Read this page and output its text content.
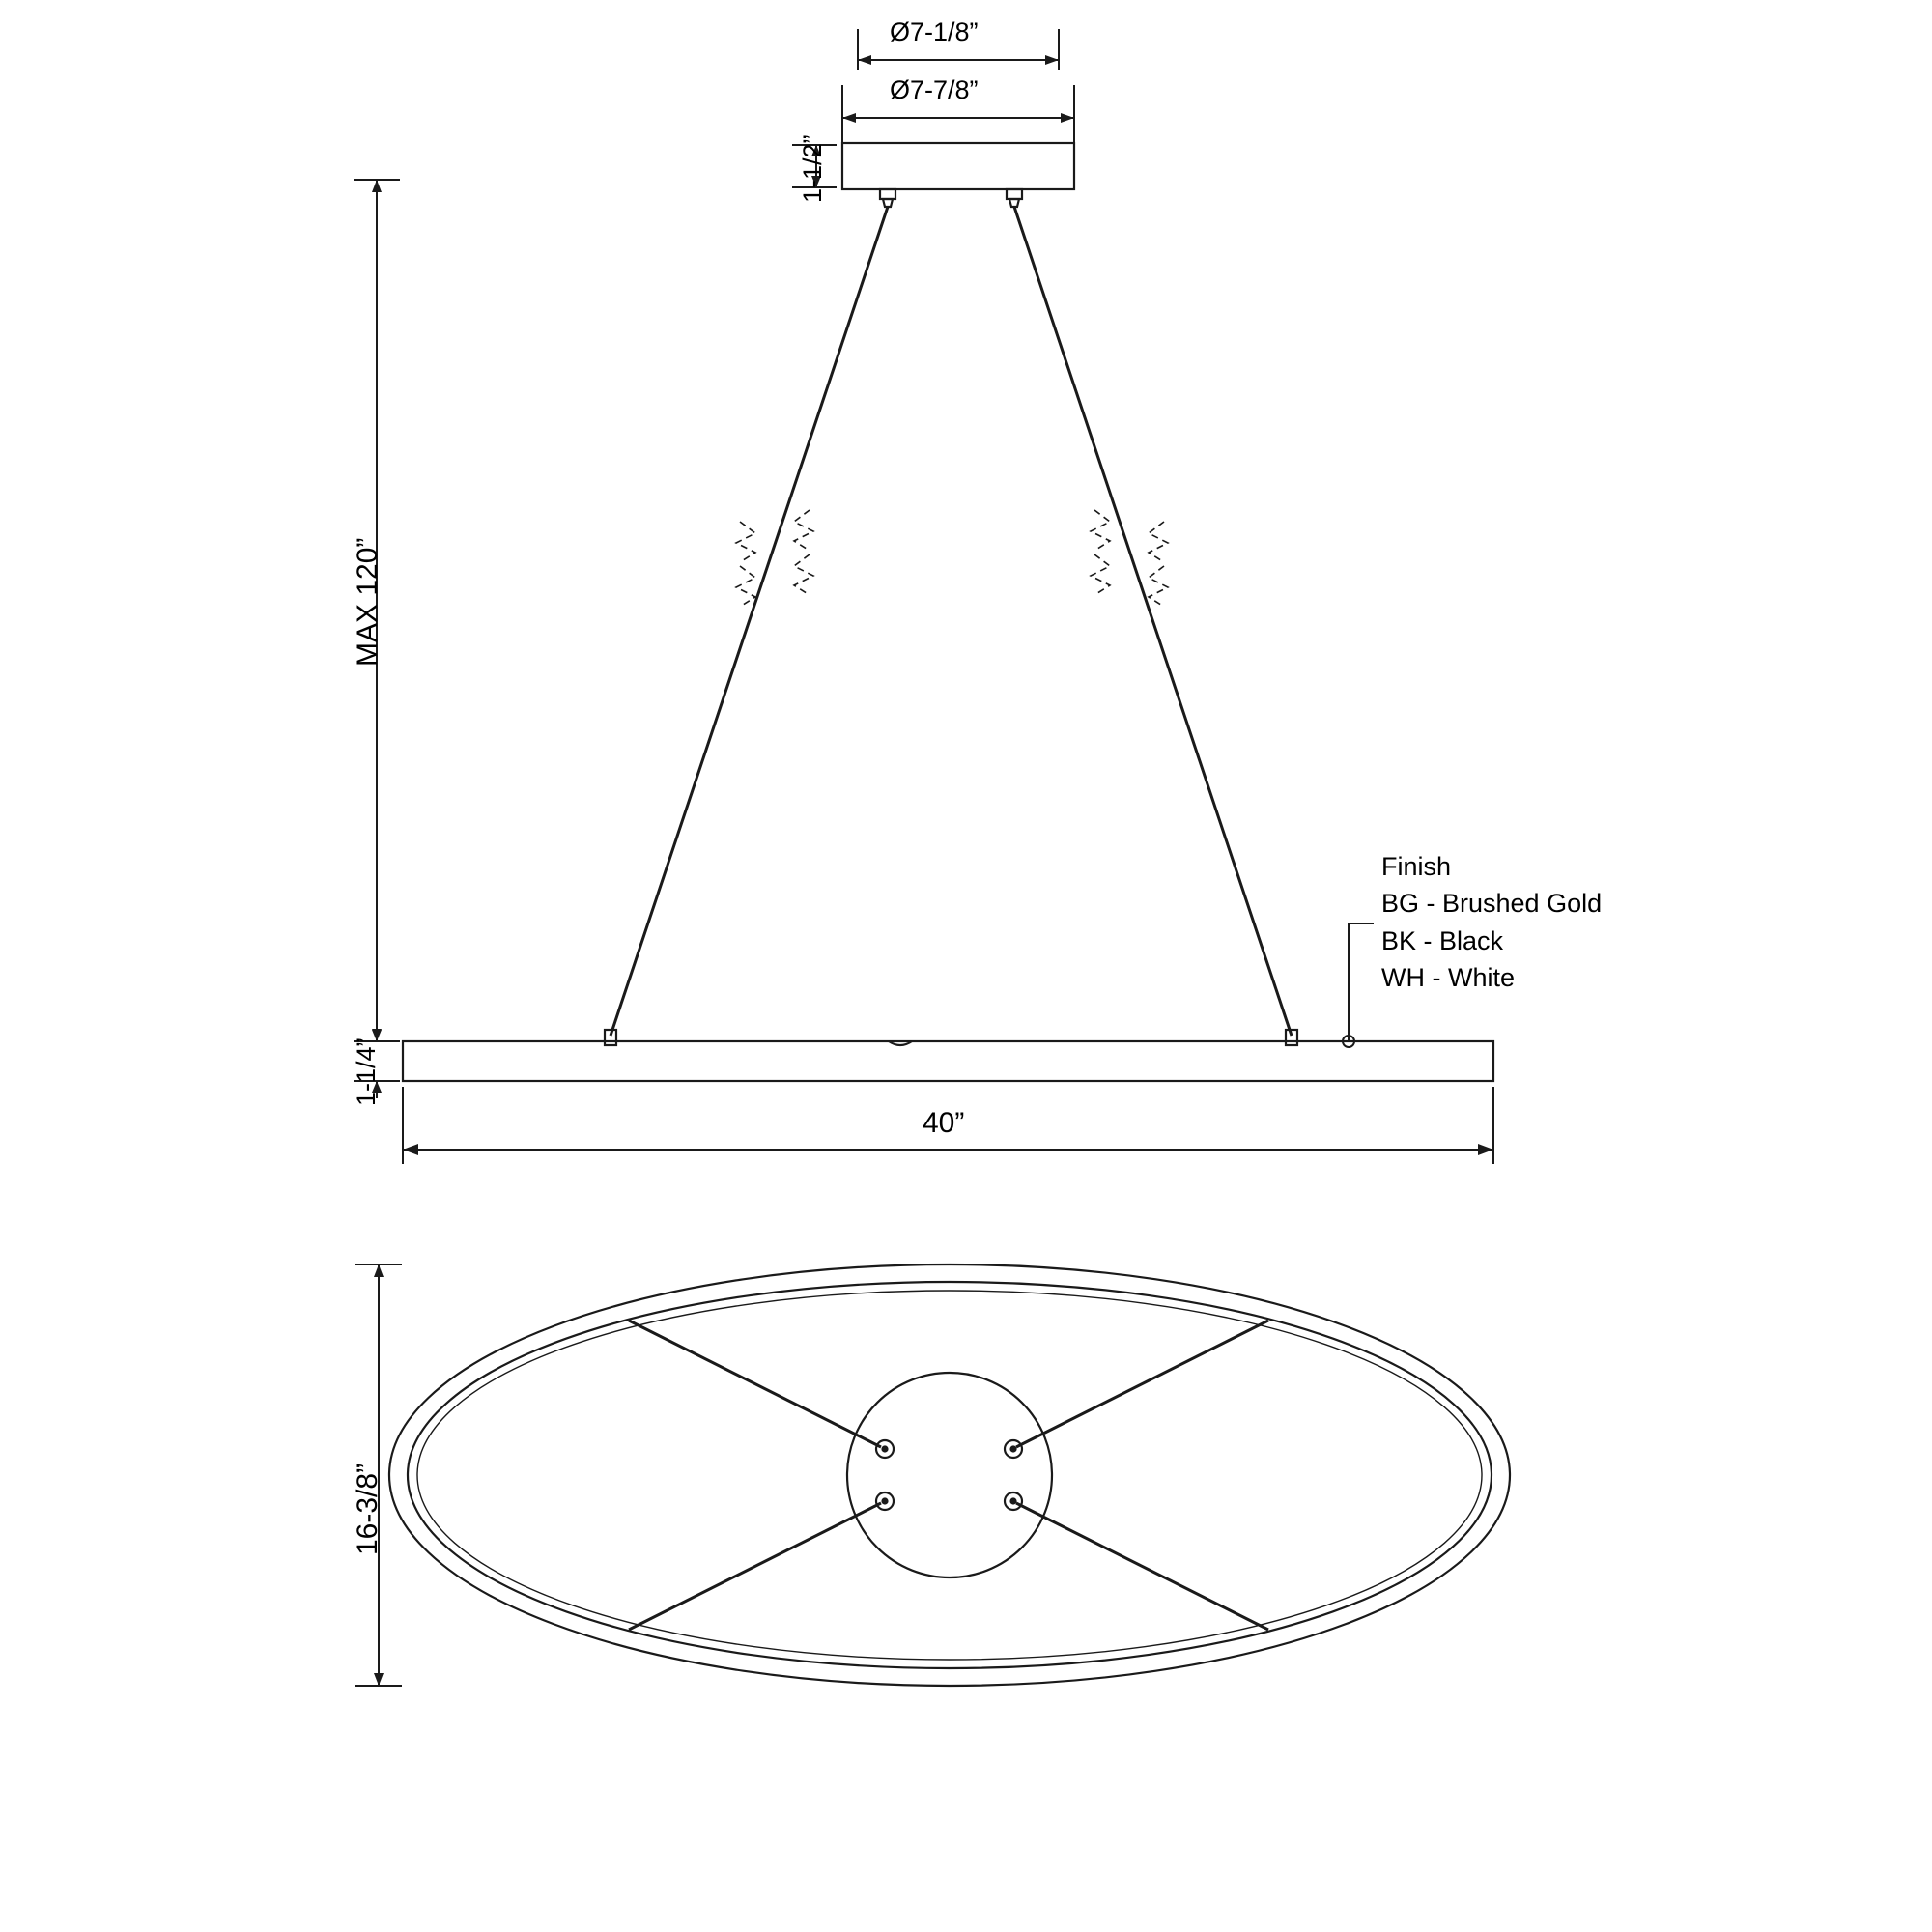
Ø7-1/8”
Ø7-7/8”
1-1/2”
MAX 120”
1-1/4”
40”
16-3/8”
Finish
BG - Brushed Gold
BK - Black
WH - White
